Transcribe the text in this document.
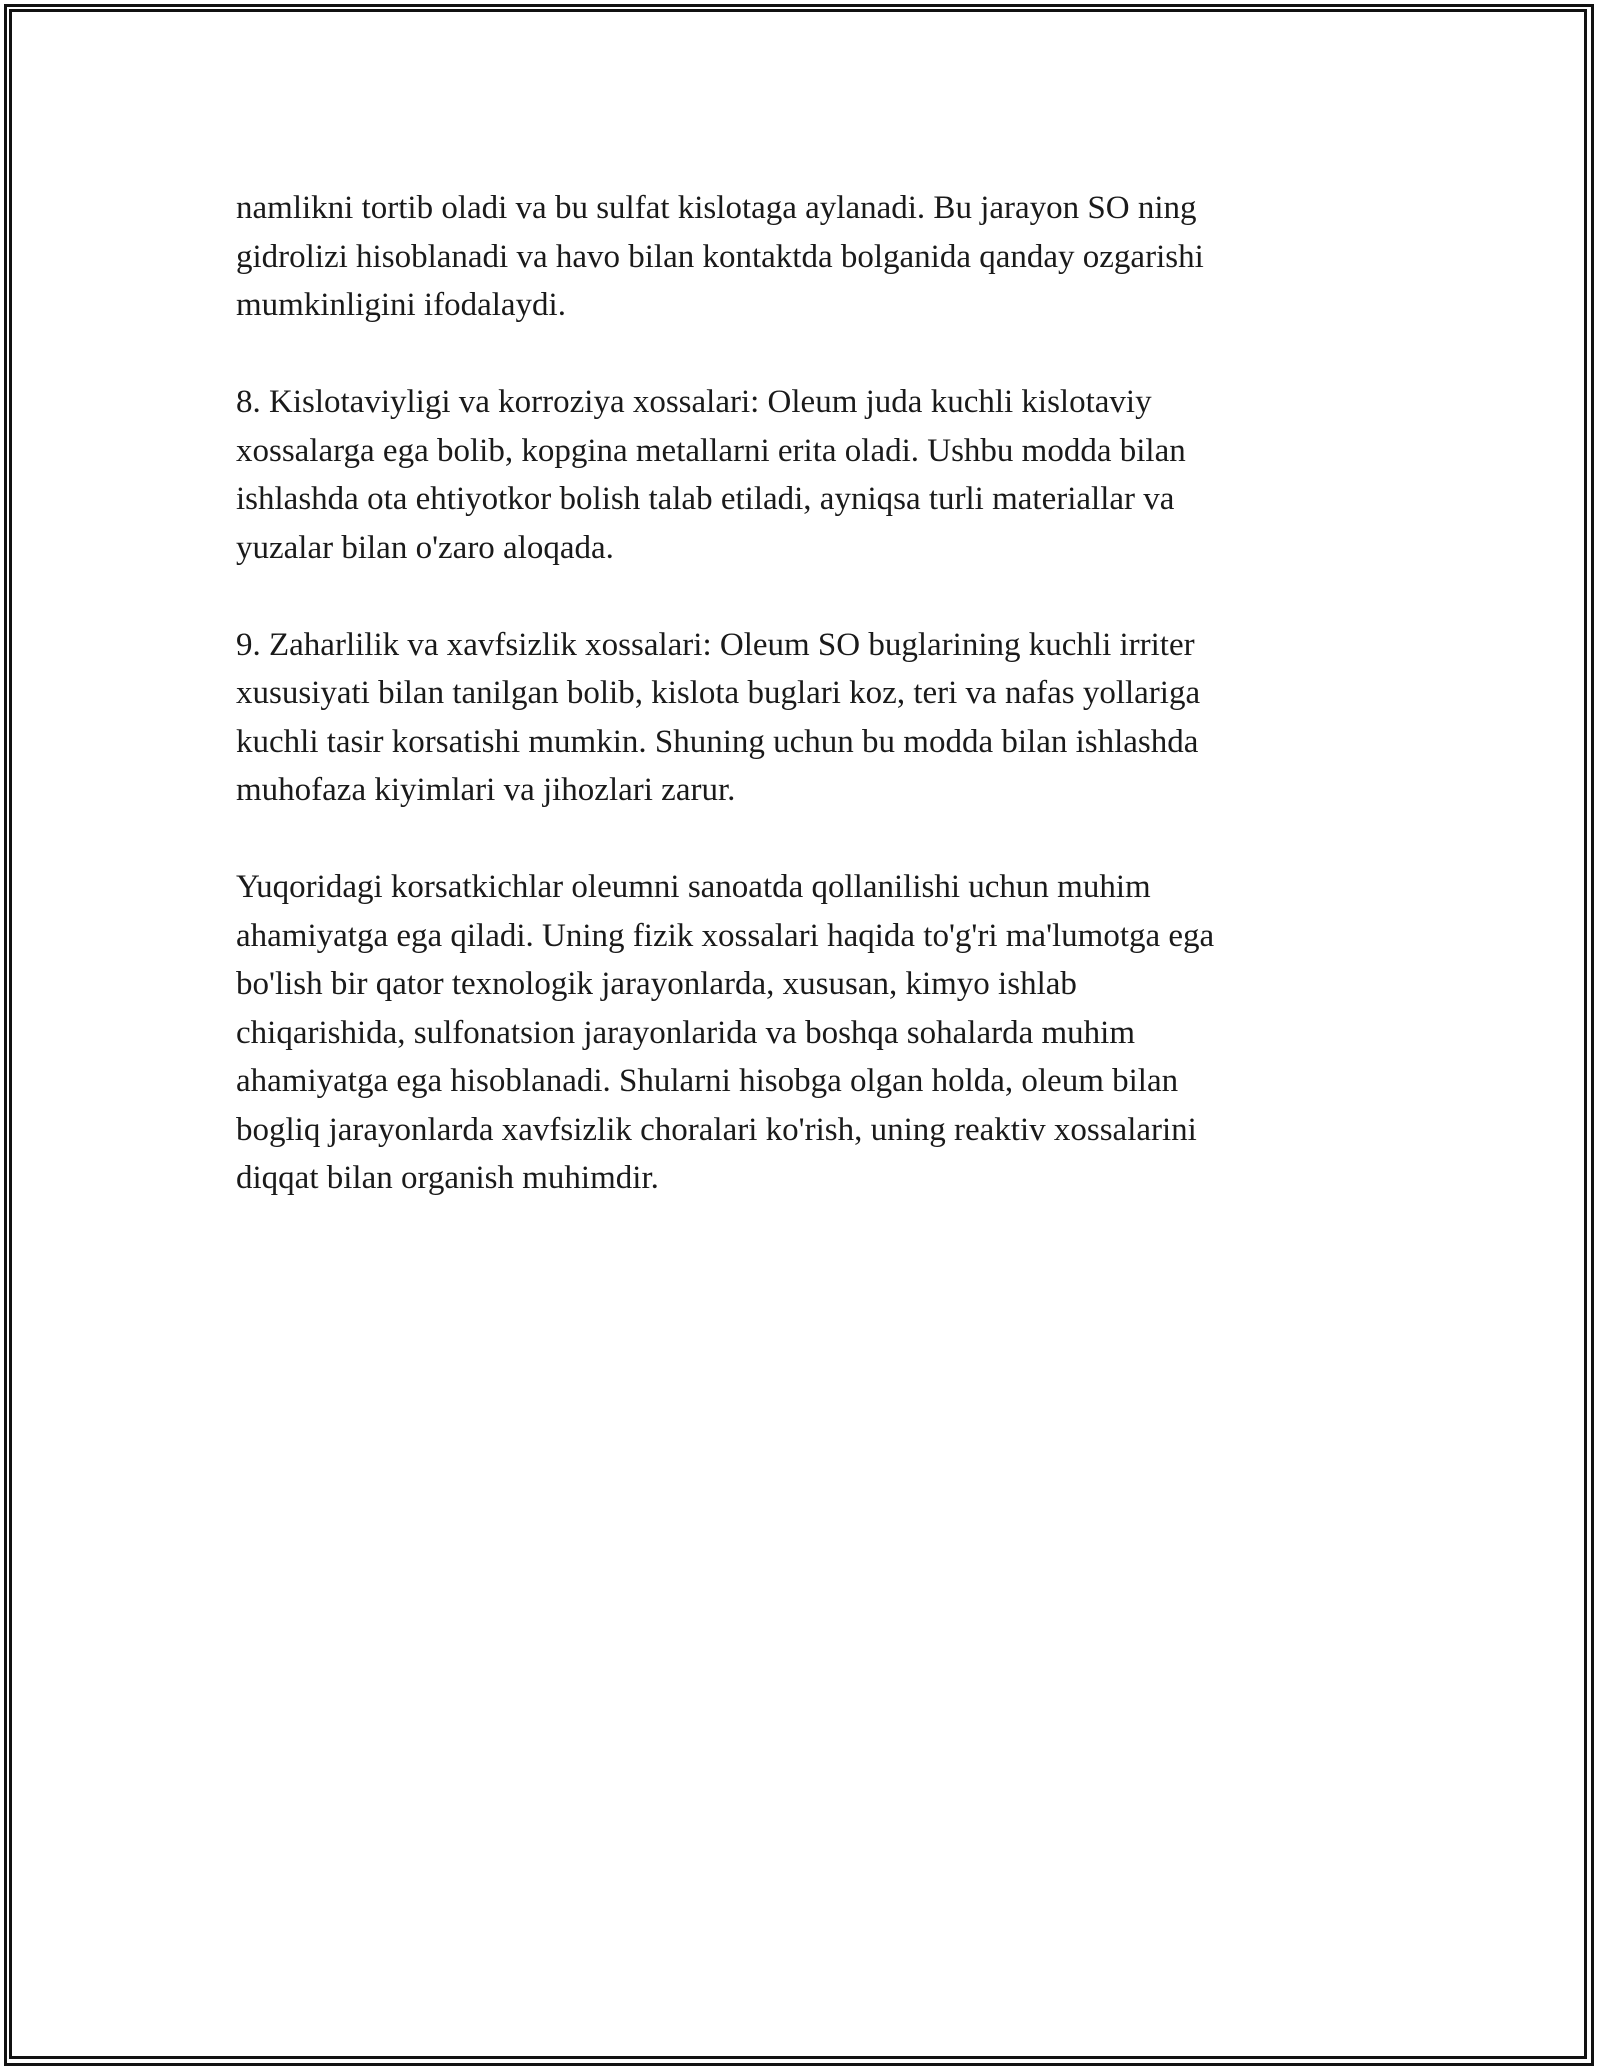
namlikni tortib oladi va bu sulfat kislotaga aylanadi. Bu jarayon SO ning
gidrolizi hisoblanadi va havo bilan kontaktda bolganida qanday ozgarishi
mumkinligini ifodalaydi.

8. Kislotaviyligi va korroziya xossalari: Oleum juda kuchli kislotaviy
xossalarga ega bolib, kopgina metallarni erita oladi. Ushbu modda bilan
ishlashda ota ehtiyotkor bolish talab etiladi, ayniqsa turli materiallar va
yuzalar bilan o'zaro aloqada.

9. Zaharlilik va xavfsizlik xossalari: Oleum SO buglarining kuchli irriter
xususiyati bilan tanilgan bolib, kislota buglari koz, teri va nafas yollariga
kuchli tasir korsatishi mumkin. Shuning uchun bu modda bilan ishlashda
muhofaza kiyimlari va jihozlari zarur.

Yuqoridagi korsatkichlar oleumni sanoatda qollanilishi uchun muhim
ahamiyatga ega qiladi. Uning fizik xossalari haqida to'g'ri ma'lumotga ega
bo'lish bir qator texnologik jarayonlarda, xususan, kimyo ishlab
chiqarishida, sulfonatsion jarayonlarida va boshqa sohalarda muhim
ahamiyatga ega hisoblanadi. Shularni hisobga olgan holda, oleum bilan
bogliq jarayonlarda xavfsizlik choralari ko'rish, uning reaktiv xossalarini
diqqat bilan organish muhimdir.
